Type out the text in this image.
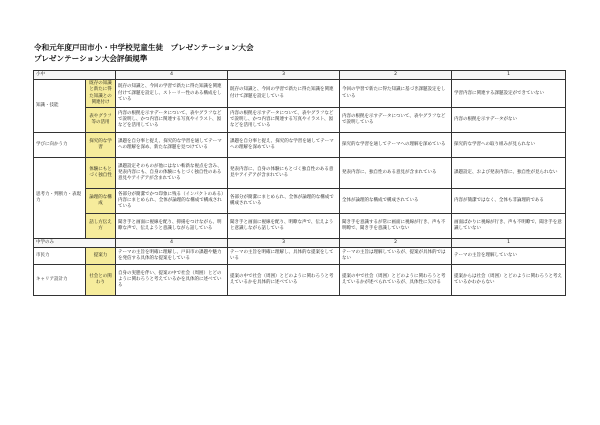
令和元年度戸田市小・中学校児童生徒　プレゼンテーション大会
プレゼンテーション大会評価規準
小中		4	3	2	1
知識・技能	既存の知識と新たに得た知識との関連付け	既存の知識と、今回の学習で新たに得た知識を関連付けて課題を設定し、ストーリー性のある構成をしている	既存の知識と、今回の学習で新たに得た知識を関連付けて課題を設定している	今回の学習で新たに得た知識に基づき課題設定をしている	学習内容に関連する課題設定ができていない
	表やグラフ等の活用	内容の根拠を示すデータについて、表やグラフなどで説明し、かつ内容に関連する写真やイラスト、図などを活用している	内容の根拠を示すデータについて、表やグラフなどで説明し、かつ内容に関連する写真やイラスト、図などを活用している	内容の根拠を示すデータについて、表やグラフなどで説明している	内容の根拠を示すデータがない
学びに向かう力	探究的な学習	課題を自分事と捉え、探究的な学習を通してテーマへの理解を深め、新たな課題を見つけている	課題を自分事と捉え、探究的な学習を通してテーマへの理解を深めている	探究的な学習を通してテーマへの理解を深めている	探究的な学習への取り組みが見られない
思考力・判断力・表現力	体験にもとづく独自性	課題設定そのものが他にはない斬新な視点を含み、発表内容にも、自身の体験にもとづく独自性のある意見やアイデアが含まれている	発表内容に、自身の体験にもとづく独自性のある意見やアイデアが含まれている	発表内容に、独自性のある意見が含まれている	課題設定、および発表内容に、独自性が見られない
	論理的な構成	各部分が簡潔でかつ印象に残る（インパクトのある）内容にまとめられ、全体が論理的な構成で構成されている	各部分が簡潔にまとめられ、全体が論理的な構成で構成されている	全体が論理的な構成で構成されている	内容が簡潔ではなく、全体も非論理的である
	話し方伝え方	聞き手と画面に視線を配り、抑揚をつけながら、明瞭な声で、伝えようと意識しながら話している	聞き手と画面に視線を配り、明瞭な声で、伝えようと意識しながら話している	聞き手を意識するが常に画面に視線が行き、声も不明瞭で、聞き手を意識していない	画面ばかりに視線が行き、声も不明瞭で、聞き手を意識していない
中学のみ		4	3	2	1
市民力	提案力	テーマの主旨を明確に理解し、戸田市の課題や魅力を発信する具体的な提案をしている	テーマの主旨を明確に理解し、具体的な提案をしている	テーマの主旨は理解しているが、提案が具体的ではない	テーマの主旨を理解していない
キャリア設計力	社会との関わり	自身の実態を伴い、提案の中で社会（周囲）とどのように関わろうと考えているかを具体的に述べている	提案の中で社会（周囲）とどのように関わろうと考えているかを具体的に述べている	提案の中で社会（周囲）とどのように関わろうと考えているかが述べられているが、具体性に欠ける	提案からは社会（周囲）とどのように関わろうと考えているかわからない
